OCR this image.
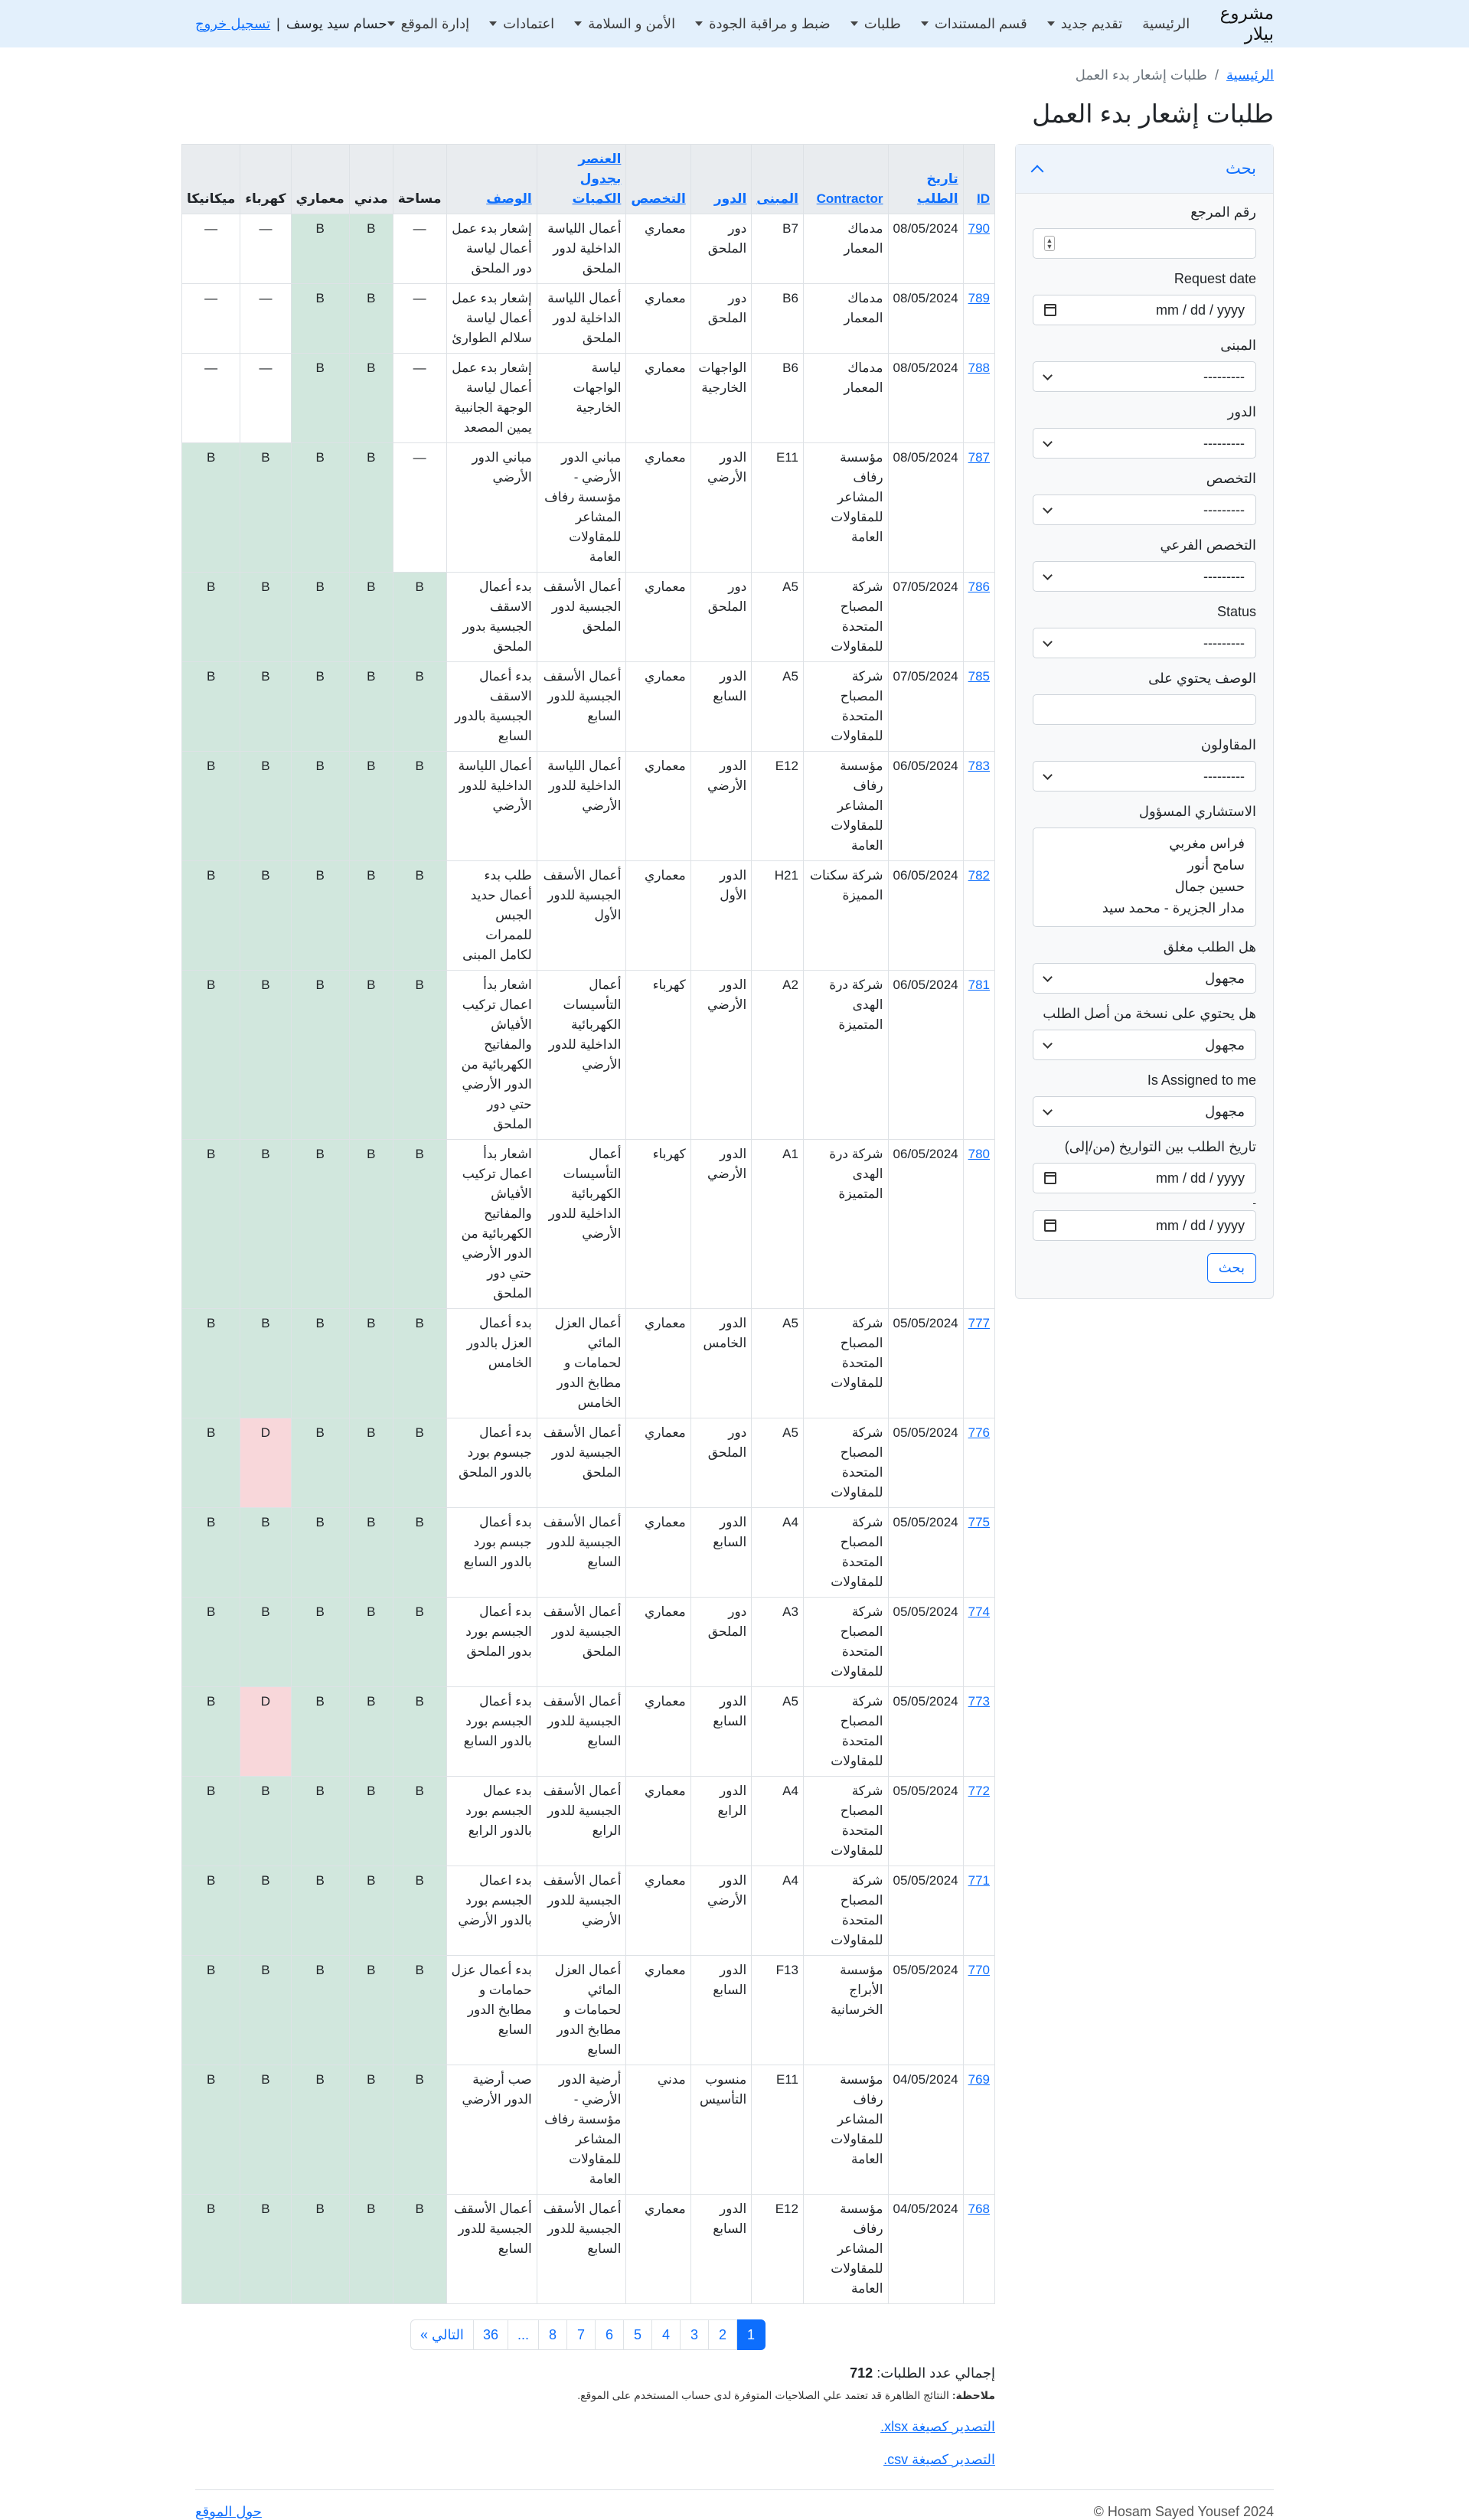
مشروع بيلار
الرئيسية
تقديم جديد
قسم المستندات
طلبات
ضبط و مراقبة الجودة
الأمن و السلامة
اعتمادات
إدارة الموقع
حسام سيد يوسف
|
تسجيل خروج
الرئيسية
/
طلبات إشعار بدء العمل
طلبات إشعار بدء العمل
بحث
رقم المرجع
▲
▼
Request date
mm / dd / yyyy
المبنى
---------
الدور
---------
التخصص
---------
التخصص الفرعي
---------
Status
---------
الوصف يحتوي على
المقاولون
---------
الاستشاري المسؤول
فراس مغربي
سامح أنور
حسين جمال
مدار الجزيرة - محمد سيد
هل الطلب مغلق
مجهول
هل يحتوي على نسخة من أصل الطلب
مجهول
Is Assigned to me
مجهول
تاريخ الطلب بين التواريخ (من/إلى)
mm / dd / yyyy
-
mm / dd / yyyy
بحث
ID	تاريخ الطلب	Contractor	المبنى	الدور	التخصص	العنصر بجدول الكميات	الوصف	مساحة	مدني	معماري	كهرباء	ميكانيكا
790	08/05/2024	مدماك المعمار	B7	دور الملحق	معماري	أعمال اللياسة الداخلية لدور الملحق	إشعار بدء عمل أعمال لياسة دور الملحق	—	B	B	—	—
789	08/05/2024	مدماك المعمار	B6	دور الملحق	معماري	أعمال اللياسة الداخلية لدور الملحق	إشعار بدء عمل أعمال لياسة سلالم الطوارئ	—	B	B	—	—
788	08/05/2024	مدماك المعمار	B6	الواجهات الخارجية	معماري	لياسة الواجهات الخارجية	إشعار بدء عمل أعمال لياسة الوجهة الجانبية يمين المصعد	—	B	B	—	—
787	08/05/2024	مؤسسة رفاف المشاعر للمقاولات العامة	E11	الدور الأرضي	معماري	مباني الدور الأرضي - مؤسسة رفاف المشاعر للمقاولات العامة	مباني الدور الأرضي	—	B	B	B	B
786	07/05/2024	شركة المصباح المتحدة للمقاولات	A5	دور الملحق	معماري	أعمال الأسقف الجبسية لدور الملحق	بدء أعمال الاسقف الجبسية بدور الملحق	B	B	B	B	B
785	07/05/2024	شركة المصباح المتحدة للمقاولات	A5	الدور السابع	معماري	أعمال الأسقف الجبسية للدور السابع	بدء أعمال الاسقف الجبسية بالدور السابع	B	B	B	B	B
783	06/05/2024	مؤسسة رفاف المشاعر للمقاولات العامة	E12	الدور الأرضي	معماري	أعمال اللياسة الداخلية للدور الأرضي	أعمال اللياسة الداخلية للدور الأرضي	B	B	B	B	B
782	06/05/2024	شركة سكنات المميزة	H21	الدور الأول	معماري	أعمال الأسقف الجبسية للدور الأول	طلب بدء أعمال حديد الجبس للممرات لكامل المبنى	B	B	B	B	B
781	06/05/2024	شركة درة الهدى المتميزة	A2	الدور الأرضي	كهرباء	أعمال التأسيسات الكهربائية الداخلية للدور الأرضي	اشعار بدأ اعمال تركيب الأفياش والمفاتيح الكهربائية من الدور الأرضي حتي دور الملحق	B	B	B	B	B
780	06/05/2024	شركة درة الهدى المتميزة	A1	الدور الأرضي	كهرباء	أعمال التأسيسات الكهربائية الداخلية للدور الأرضي	اشعار بدأ اعمال تركيب الأفياش والمفاتيح الكهربائية من الدور الأرضي حتي دور الملحق	B	B	B	B	B
777	05/05/2024	شركة المصباح المتحدة للمقاولات	A5	الدور الخامس	معماري	أعمال العزل المائي لحمامات و مطابخ الدور الخامس	بدء أعمال العزل بالدور الخامس	B	B	B	B	B
776	05/05/2024	شركة المصباح المتحدة للمقاولات	A5	دور الملحق	معماري	أعمال الأسقف الجبسية لدور الملحق	بدء أعمال جبسوم بورد بالدور الملحق	B	B	B	D	B
775	05/05/2024	شركة المصباح المتحدة للمقاولات	A4	الدور السابع	معماري	أعمال الأسقف الجبسية للدور السابع	بدء أعمال جبسم بورد بالدور السابع	B	B	B	B	B
774	05/05/2024	شركة المصباح المتحدة للمقاولات	A3	دور الملحق	معماري	أعمال الأسقف الجبسية لدور الملحق	بدء أعمال الجبسم بورد بدور الملحق	B	B	B	B	B
773	05/05/2024	شركة المصباح المتحدة للمقاولات	A5	الدور السابع	معماري	أعمال الأسقف الجبسية للدور السابع	بدء أعمال الجبسم بورد بالدور السابع	B	B	B	D	B
772	05/05/2024	شركة المصباح المتحدة للمقاولات	A4	الدور الرابع	معماري	أعمال الأسقف الجبسية للدور الرابع	بدء عمال الجبسم بورد بالدور الرابع	B	B	B	B	B
771	05/05/2024	شركة المصباح المتحدة للمقاولات	A4	الدور الأرضي	معماري	أعمال الأسقف الجبسية للدور الأرضي	بدء اعمال الجبسم بورد بالدور الأرضي	B	B	B	B	B
770	05/05/2024	مؤسسة الأبراج الخرسانية	F13	الدور السابع	معماري	أعمال العزل المائي لحمامات و مطابخ الدور السابع	بدء أعمال عزل حمامات و مطابخ الدور السابع	B	B	B	B	B
769	04/05/2024	مؤسسة رفاف المشاعر للمقاولات العامة	E11	منسوب التأسيس	مدني	أرضية الدور الأرضي - مؤسسة رفاف المشاعر للمقاولات العامة	صب أرضية الدور الأرضي	B	B	B	B	B
768	04/05/2024	مؤسسة رفاف المشاعر للمقاولات العامة	E12	الدور السابع	معماري	أعمال الأسقف الجبسية للدور السابع	أعمال الأسقف الجبسية للدور السابع	B	B	B	B	B
1
2
3
4
5
6
7
8
...
36
التالي »
إجمالي عدد الطلبات: 712
ملاحظة: النتائج الظاهرة قد تعتمد علي الصلاحيات المتوفرة لدى حساب المستخدم على الموقع.
التصدير كصيغة xlsx.
التصدير كصيغة csv.
Hosam Sayed Yousef 2024 ©
حول الموقع
